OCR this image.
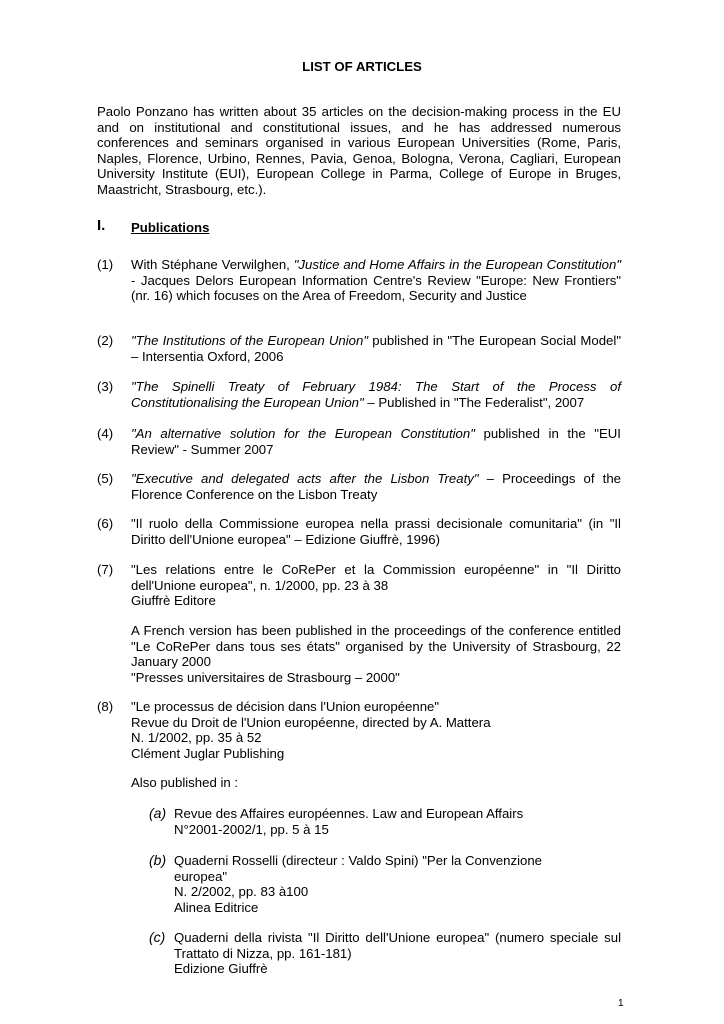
LIST OF ARTICLES
Paolo Ponzano has written about 35 articles on the decision-making process in the EU and on institutional and constitutional issues, and he has addressed numerous conferences and seminars organised in various European Universities (Rome, Paris, Naples, Florence, Urbino, Rennes, Pavia, Genoa, Bologna, Verona, Cagliari, European University Institute (EUI), European College in Parma, College of Europe in Bruges, Maastricht, Strasbourg, etc.).
I. Publications
(1) With Stéphane Verwilghen, "Justice and Home Affairs in the European Constitution" - Jacques Delors European Information Centre's Review "Europe: New Frontiers" (nr. 16) which focuses on the Area of Freedom, Security and Justice
(2) "The Institutions of the European Union" published in "The European Social Model" – Intersentia Oxford, 2006
(3) "The Spinelli Treaty of February 1984: The Start of the Process of Constitutionalising the European Union" – Published in "The Federalist", 2007
(4) "An alternative solution for the European Constitution" published in the "EUI Review" - Summer 2007
(5) "Executive and delegated acts after the Lisbon Treaty" – Proceedings of the Florence Conference on the Lisbon Treaty
(6) "Il ruolo della Commissione europea nella prassi decisionale comunitaria" (in "Il Diritto dell'Unione europea" – Edizione Giuffrè, 1996)
(7) "Les relations entre le CoRePer et la Commission européenne" in "Il Diritto dell'Unione europea", n. 1/2000, pp. 23 à 38
Giuffrè Editore
A French version has been published in the proceedings of the conference entitled "Le CoRePer dans tous ses états" organised by the University of Strasbourg, 22 January 2000
"Presses universitaires de Strasbourg – 2000"
(8) "Le processus de décision dans l'Union européenne"
Revue du Droit de l'Union européenne, directed by A. Mattera
N. 1/2002, pp. 35 à 52
Clément Juglar Publishing
Also published in :
(a) Revue des Affaires européennes. Law and European Affairs
N°2001-2002/1, pp. 5 à 15
(b) Quaderni Rosselli (directeur : Valdo Spini) "Per la Convenzione europea"
N. 2/2002, pp. 83 à100
Alinea Editrice
(c) Quaderni della rivista "Il Diritto dell'Unione europea" (numero speciale sul Trattato di Nizza, pp. 161-181)
Edizione Giuffrè
1
